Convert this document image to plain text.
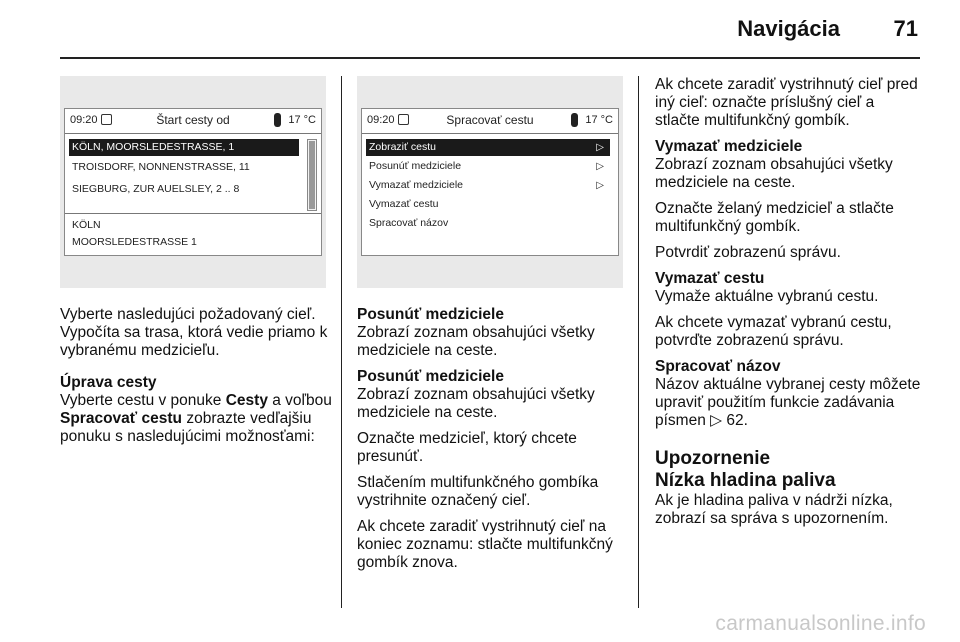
Navigácia 71
09:20	Štart cesty od	17 °C
KÖLN, MOORSLEDESTRASSE, 1
TROISDORF, NONNENSTRASSE, 11
SIEGBURG, ZUR AUELSLEY, 2 .. 8
KÖLN
MOORSLEDESTRASSE 1
09:20	Spracovať cestu	17 °C
Zobraziť cestu	▷
Posunúť medziciele	▷
Vymazať medziciele	▷
Vymazať cestu
Spracovať názov

Vyberte nasledujúci požadovaný cieľ. Vypočíta sa trasa, ktorá vedie priamo k vybranému medzicieľu.

Úprava cesty

Vyberte cestu v ponuke Cesty a voľbou Spracovať cestu zobrazte vedľajšiu ponuku s nasledujúcimi možnosťami:

Posunúť medziciele

Zobrazí zoznam obsahujúci všetky medziciele na ceste.

Posunúť medziciele

Zobrazí zoznam obsahujúci všetky medziciele na ceste.

Označte medzicieľ, ktorý chcete presunúť.

Stlačením multifunkčného gombíka vystrihnite označený cieľ.

Ak chcete zaradiť vystrihnutý cieľ na koniec zoznamu: stlačte multifunkčný gombík znova.

Ak chcete zaradiť vystrihnutý cieľ pred iný cieľ: označte príslušný cieľ a stlačte multifunkčný gombík.

Vymazať medziciele

Zobrazí zoznam obsahujúci všetky medziciele na ceste.

Označte želaný medzicieľ a stlačte multifunkčný gombík.

Potvrdiť zobrazenú správu.

Vymazať cestu

Vymaže aktuálne vybranú cestu.

Ak chcete vymazať vybranú cestu, potvrďte zobrazenú správu.

Spracovať názov

Názov aktuálne vybranej cesty môžete upraviť použitím funkcie zadávania písmen ▷ 62.

Upozornenie
Nízka hladina paliva

Ak je hladina paliva v nádrži nízka, zobrazí sa správa s upozornením.

carmanualsonline.info
